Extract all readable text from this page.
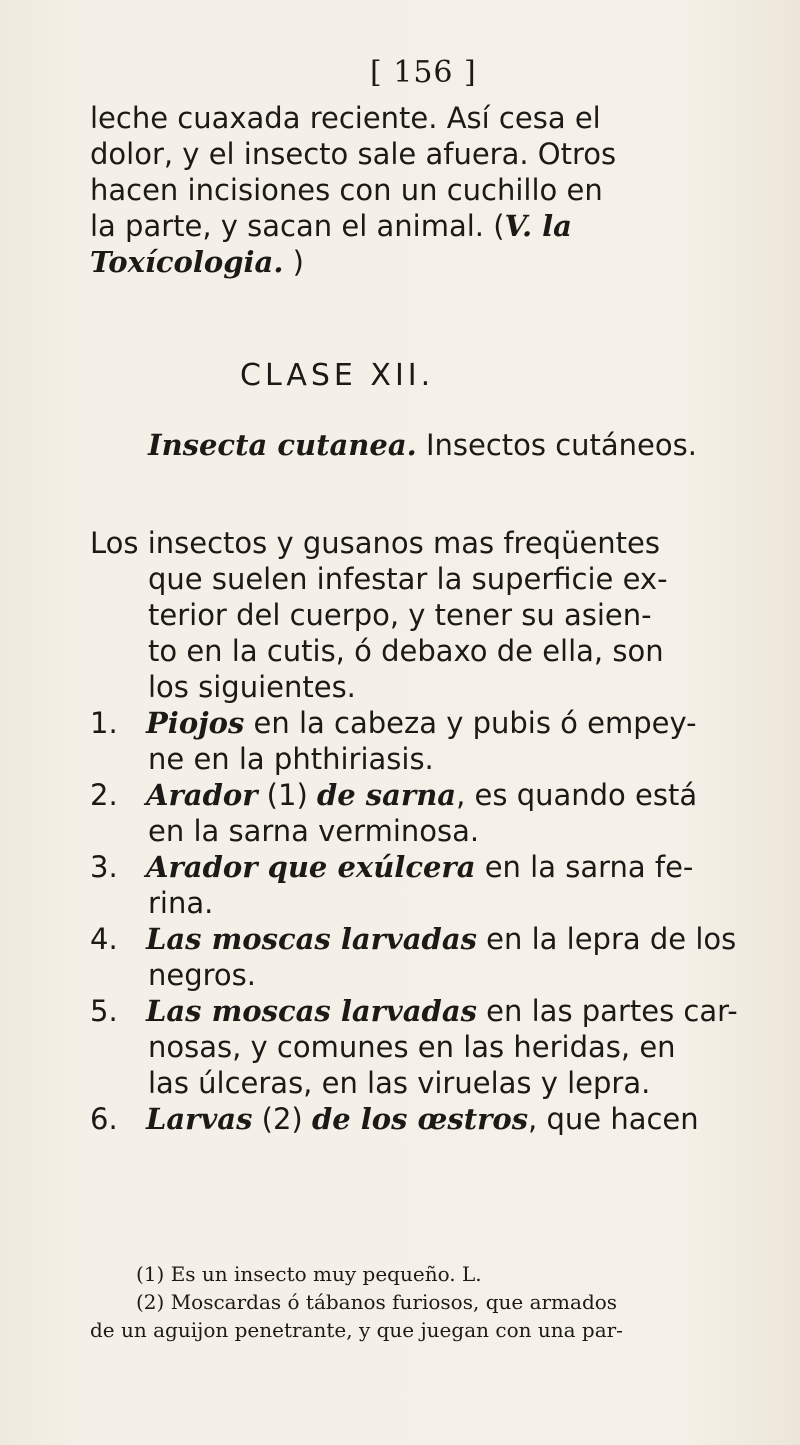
[ 156 ]
leche cuaxada reciente. Así cesa el
dolor, y el insecto sale afuera. Otros
hacen incisiones con un cuchillo en
la parte, y sacan el animal. (V. la
Toxícologia. )
CLASE XII.
Insecta cutanea. Insectos cutáneos.
Los insectos y gusanos mas freqüentes
que suelen infestar la superficie ex-
terior del cuerpo, y tener su asien-
to en la cutis, ó debaxo de ella, son
los siguientes.
1. Piojos en la cabeza y pubis ó empey-
ne en la phthiriasis.
2. Arador (1) de sarna, es quando está
en la sarna verminosa.
3. Arador que exúlcera en la sarna fe-
rina.
4. Las moscas larvadas en la lepra de los
negros.
5. Las moscas larvadas en las partes car-
nosas, y comunes en las heridas, en
las úlceras, en las viruelas y lepra.
6. Larvas (2) de los œstros, que hacen
(1) Es un insecto muy pequeño. L.
(2) Moscardas ó tábanos furiosos, que armados
de un aguijon penetrante, y que juegan con una par-
